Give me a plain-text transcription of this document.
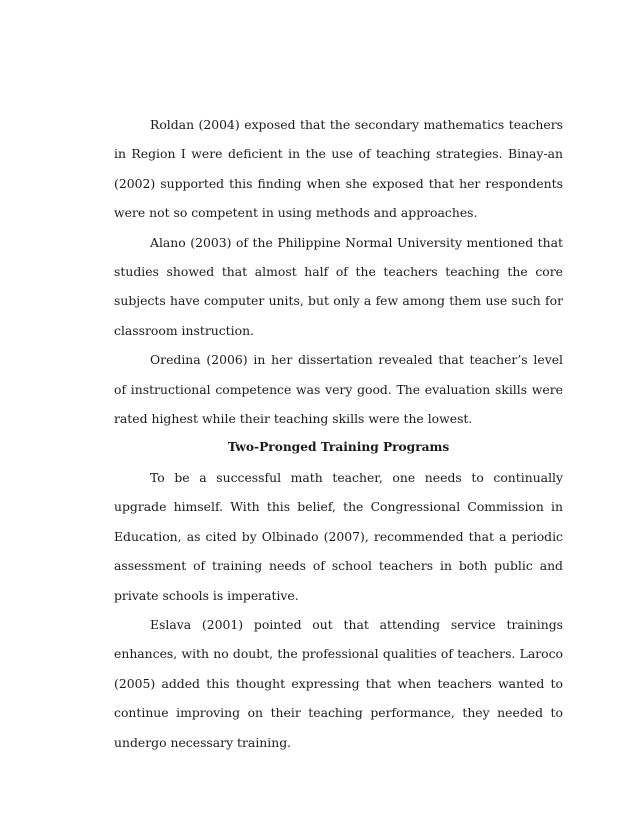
Roldan (2004) exposed that the secondary mathematics teachers in Region I were deficient in the use of teaching strategies. Binay-an (2002) supported this finding when she exposed that her respondents were not so competent in using methods and approaches.

Alano (2003) of the Philippine Normal University mentioned that studies showed that almost half of the teachers teaching the core subjects have computer units, but only a few among them use such for classroom instruction.

Oredina (2006) in her dissertation revealed that teacher’s level of instructional competence was very good. The evaluation skills were rated highest while their teaching skills were the lowest.

Two-Pronged Training Programs

To be a successful math teacher, one needs to continually upgrade himself. With this belief, the Congressional Commission in Education, as cited by Olbinado (2007), recommended that a periodic assessment of training needs of school teachers in both public and private schools is imperative.

Eslava (2001) pointed out that attending service trainings enhances, with no doubt, the professional qualities of teachers. Laroco (2005) added this thought expressing that when teachers wanted to continue improving on their teaching performance, they needed to undergo necessary training.
